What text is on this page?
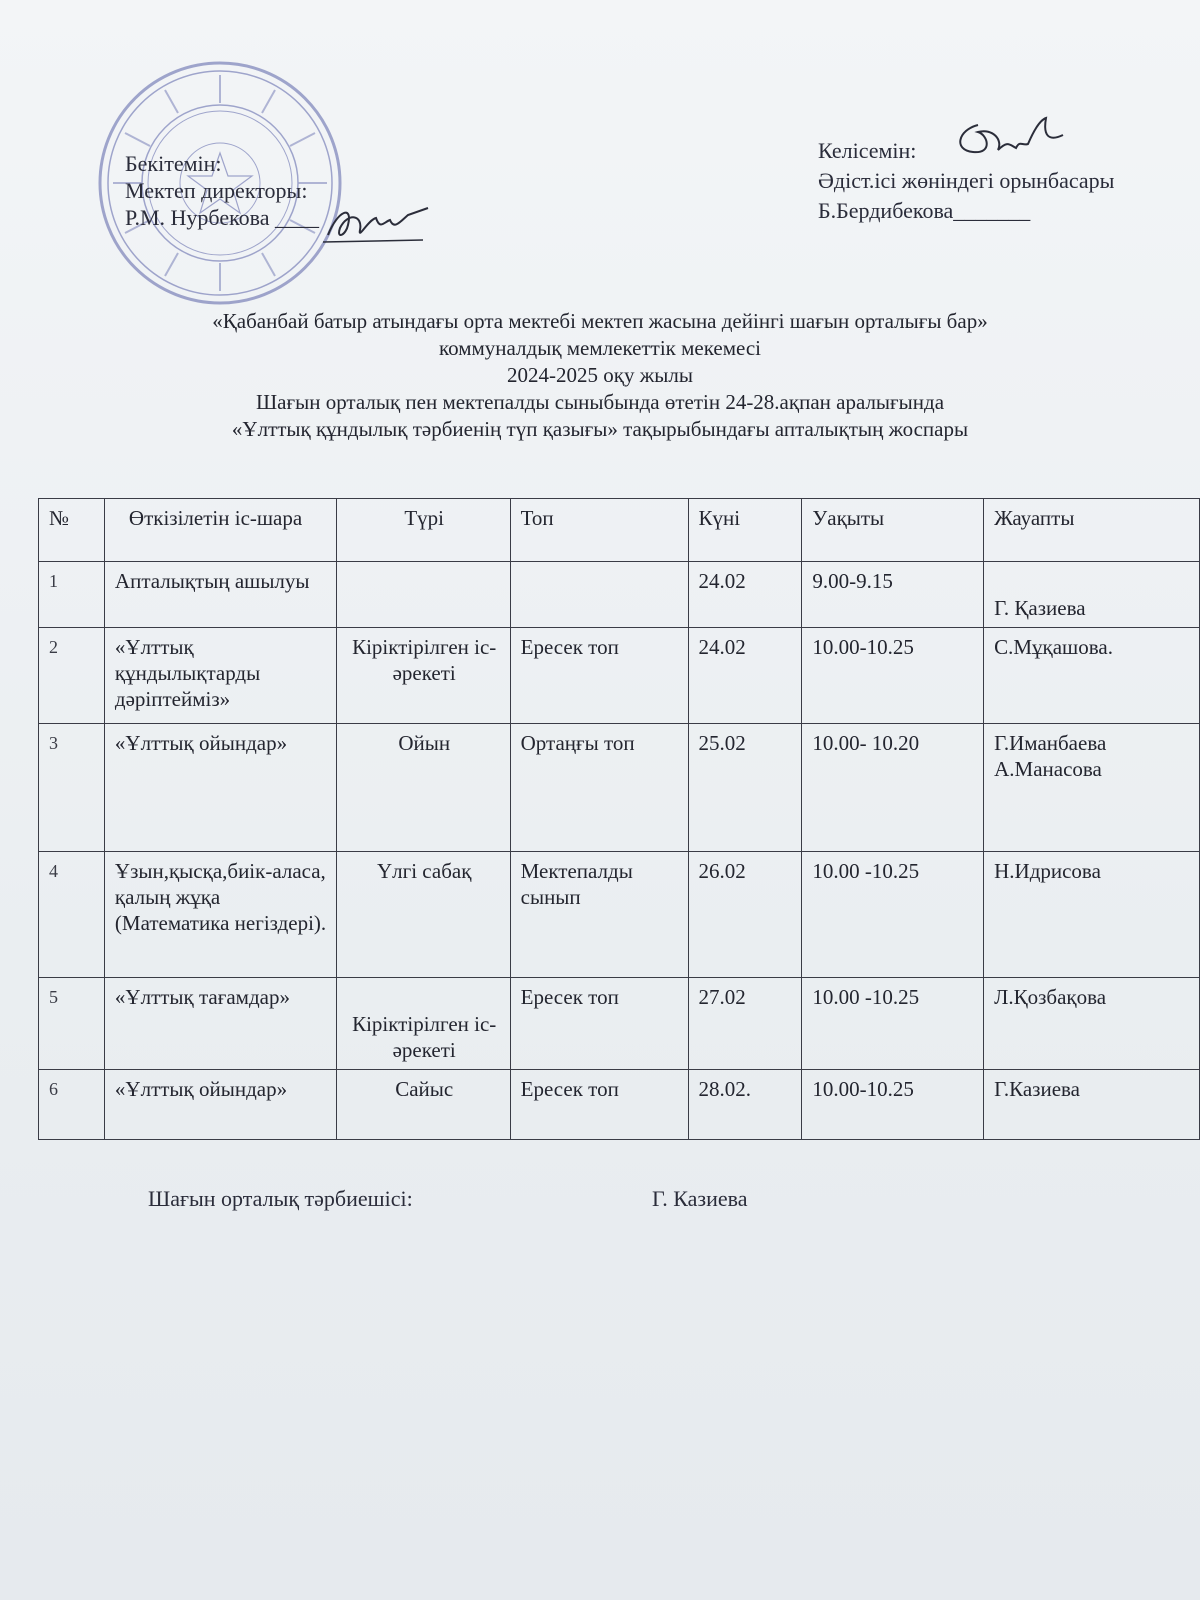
Бекітемін:
Мектеп директоры:
Р.М. Нурбекова ____
Келісемін:
Әдіст.ісі жөніндегі орынбасары
Б.Бердибекова_______
«Қабанбай батыр атындағы орта мектебі мектеп жасына дейінгі шағын орталығы бар»
коммуналдық мемлекеттік мекемесі
2024-2025 оқу жылы
Шағын орталық пен мектепалды сыныбында өтетін 24-28.ақпан аралығында
«Ұлттық құндылық тәрбиенің түп қазығы» тақырыбындағы апталықтың жоспары
№	Өткізілетін іс-шара	Түрі	Топ	Күні	Уақыты	Жауапты
1	Апталықтың ашылуы			24.02	9.00-9.15	Г. Қазиева
2	«Ұлттық құндылықтарды дәріптейміз»	Кіріктірілген іс- әрекеті	Ересек топ	24.02	10.00-10.25	С.Мұқашова.
3	«Ұлттық ойындар»	Ойын	Ортаңғы топ	25.02	10.00- 10.20	Г.Иманбаева А.Манасова
4	Ұзын,қысқа,биік-аласа, қалың жұқа (Математика негіздері).	Үлгі сабақ	Мектепалды сынып	26.02	10.00 -10.25	Н.Идрисова
5	«Ұлттық тағамдар»	Кіріктірілген іс- әрекеті	Ересек топ	27.02	10.00 -10.25	Л.Қозбақова
6	«Ұлттық ойындар»	Сайыс	Ересек топ	28.02.	10.00-10.25	Г.Казиева
Шағын орталық тәрбиешісі:	Г. Казиева
